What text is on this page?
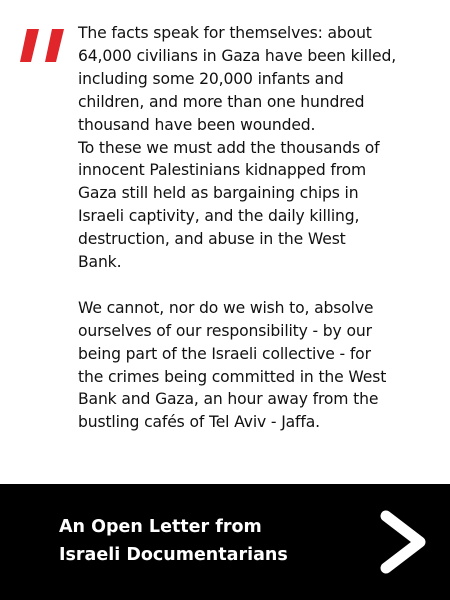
The facts speak for themselves: about
64,000 civilians in Gaza have been killed,
including some 20,000 infants and
children, and more than one hundred
thousand have been wounded.
To these we must add the thousands of
innocent Palestinians kidnapped from
Gaza still held as bargaining chips in
Israeli captivity, and the daily killing,
destruction, and abuse in the West
Bank.

We cannot, nor do we wish to, absolve
ourselves of our responsibility - by our
being part of the Israeli collective - for
the crimes being committed in the West
Bank and Gaza, an hour away from the
bustling cafés of Tel Aviv - Jaffa.

An Open Letter from
Israeli Documentarians
